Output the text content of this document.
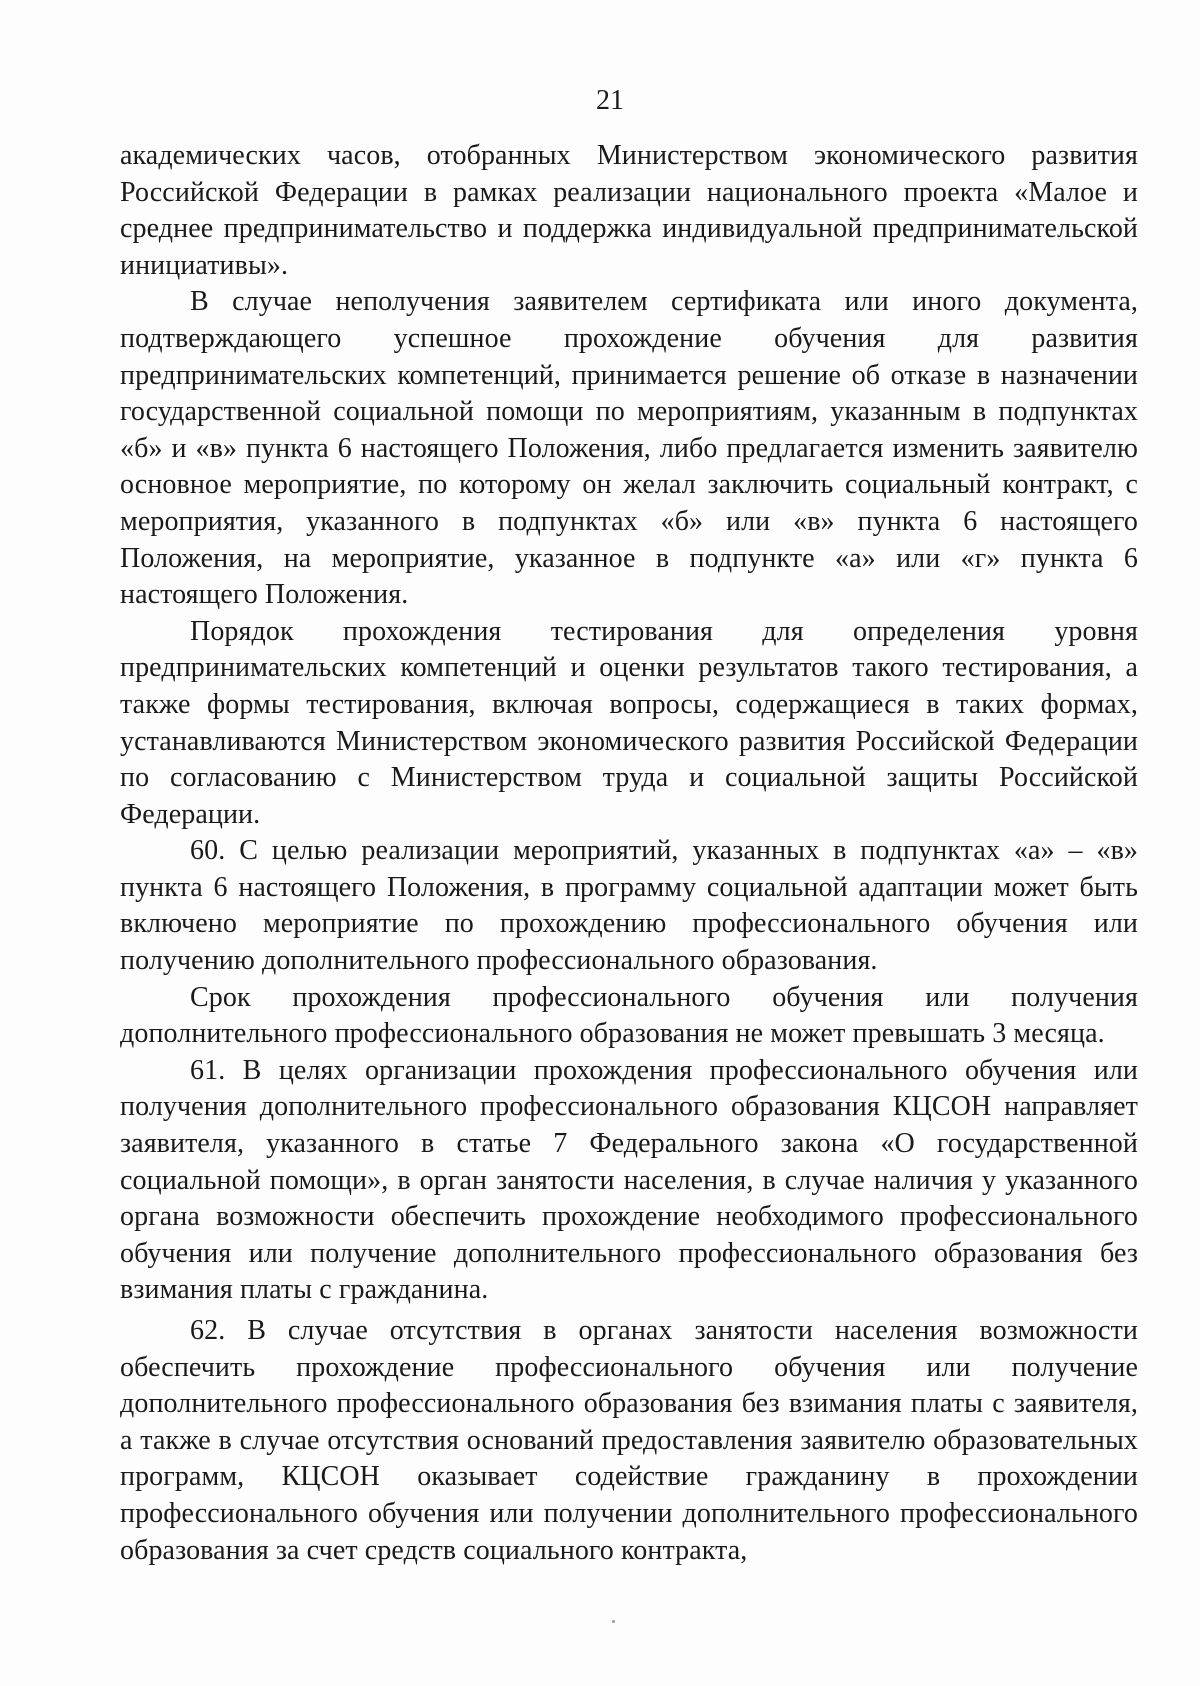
21

академических часов, отобранных Министерством экономического развития Российской Федерации в рамках реализации национального проекта «Малое и среднее предпринимательство и поддержка индивидуальной предпринимательской инициативы».

В случае неполучения заявителем сертификата или иного документа, подтверждающего успешное прохождение обучения для развития предпринимательских компетенций, принимается решение об отказе в назначении государственной социальной помощи по мероприятиям, указанным в подпунктах «б» и «в» пункта 6 настоящего Положения, либо предлагается изменить заявителю основное мероприятие, по которому он желал заключить социальный контракт, с мероприятия, указанного в подпунктах «б» или «в» пункта 6 настоящего Положения, на мероприятие, указанное в подпункте «а» или «г» пункта 6 настоящего Положения.

Порядок прохождения тестирования для определения уровня предпринимательских компетенций и оценки результатов такого тестирования, а также формы тестирования, включая вопросы, содержащиеся в таких формах, устанавливаются Министерством экономического развития Российской Федерации по согласованию с Министерством труда и социальной защиты Российской Федерации.

60. С целью реализации мероприятий, указанных в подпунктах «а» – «в» пункта 6 настоящего Положения, в программу социальной адаптации может быть включено мероприятие по прохождению профессионального обучения или получению дополнительного профессионального образования.

Срок прохождения профессионального обучения или получения дополнительного профессионального образования не может превышать 3 месяца.

61. В целях организации прохождения профессионального обучения или получения дополнительного профессионального образования КЦСОН направляет заявителя, указанного в статье 7 Федерального закона «О государственной социальной помощи», в орган занятости населения, в случае наличия у указанного органа возможности обеспечить прохождение необходимого профессионального обучения или получение дополнительного профессионального образования без взимания платы с гражданина.

62. В случае отсутствия в органах занятости населения возможности обеспечить прохождение профессионального обучения или получение дополнительного профессионального образования без взимания платы с заявителя, а также в случае отсутствия оснований предоставления заявителю образовательных программ, КЦСОН оказывает содействие гражданину в прохождении профессионального обучения или получении дополнительного профессионального образования за счет средств социального контракта,
